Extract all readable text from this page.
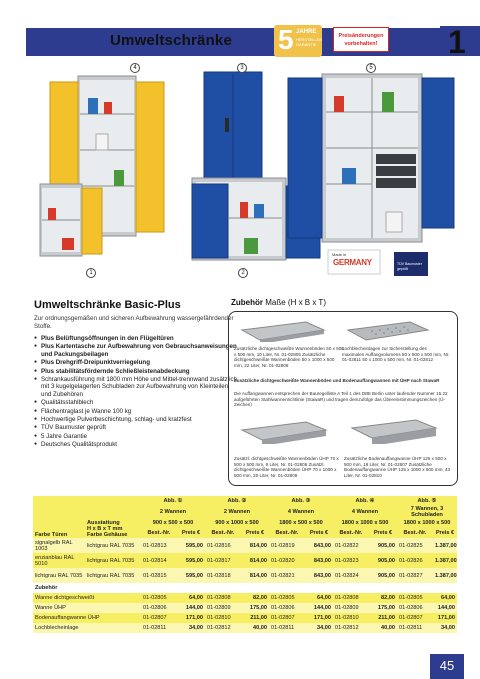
Umweltschränke 5 JAHRE
HERSTELLER GARANTIE
Preisänderungen vorbehalten!	1
Made in
GERMANY	TÜV Baumuster
geprüft
4	3	5
1	2
Umweltschränke Basic-Plus
Zur ordnungsgemäßen und sicheren Aufbewahrung wassergefährdender Stoffe.
● Plus Belüftungsöffnungen in den Flügeltüren
● Plus Kartentasche zur Aufbewahrung von Gebrauchsanweisungen und Packungsbeilagen
● Plus Drehgriff-Dreipunktverriegelung
● Plus stabilitätsfördernde Schließleistenabdeckung
● Schrankausführung mit 1800 mm Höhe und Mittel-trennwand zusätzlich mit 3 kugelgelagerten Schubladen zur Aufbewahrung von Kleinteilen und Zubehören
● Qualitätsstahlblech
● Flächentraglast je Wanne 100 kg
● Hochwertige Pulverbeschichtung, schlag- und kratzfest
● TÜV Baumuster geprüft
● 5 Jahre Garantie
● Deutsches Qualitätsprodukt
Zubehör Maße (H x B x T)
Zusätzliche dichtgeschweißte Wannenböden 50 x 500 x 500 mm, 10 Liter, Nr. 01-02805 Zusätzliche dichtgeschweißte Wannenböden 50 x 1000 x 500 mm, 22 Liter, Nr. 01-02808
Lochblecheinlagen zur Sicherstellung des maximalen Auffangvolumens 50 x 500 x 500 mm, Nr. 01-02811 50 x 1000 x 500 mm, Nr. 01-02812
Zusätzliche dichtgeschweißte Wannenböden und Bodenauffangwannen mit ÜHP nach StawaR
Die Auffangwannen entsprechen der Bauregelliste A Teil 1 des DIBt Berlin unter laufender Nummer 15.22 aufgeführten Stahlwannenrichtlinie (StawaR) und tragen demzufolge das Übereinstimmungszeichen (Ü-Zeichen)
Zusätzl. dichtgeschweißte Wannenböden ÜHP 70 x 500 x 500 mm, 9 Liter, Nr. 01-02806 Zusätzl. dichtgeschweißte Wannenböden ÜHP 70 x 1000 x 500 mm, 20 Liter, Nr. 01-02809
Zusätzliche Bodenauffangwanne ÜHP 125 x 500 x 500 mm, 19 Liter, Nr. 01-02807 Zusätzliche Bodenauffangwanne ÜHP 125 x 1000 x 500 mm, 43 Liter, Nr. 01-02810
Farbe Türen	Ausstattung
H x B x T mm
Farbe Gehäuse	Abb. ①		Abb. ②		Abb. ③		Abb. ④		Abb. ⑤	
		2 Wannen		2 Wannen		4 Wannen		4 Wannen		7 Wannen, 3 Schubladen	
		900 x 500 x 500		900 x 1000 x 500		1800 x 500 x 500		1800 x 1000 x 500		1800 x 1000 x 500	
		Best.-Nr.	Preis €	Best.-Nr.	Preis €	Best.-Nr.	Preis €	Best.-Nr.	Preis €	Best.-Nr.	Preis €
signalgelb RAL 1003	lichtgrau RAL 7035	01-02813	595,00	01-02816	814,00	01-02819	843,00	01-02822	905,00	01-02825	1.387,00
enzianblau RAL 5010	lichtgrau RAL 7035	01-02814	595,00	01-02817	814,00	01-02820	843,00	01-02823	905,00	01-02826	1.387,00
lichtgrau RAL 7035	lichtgrau RAL 7035	01-02815	595,00	01-02818	814,00	01-02821	843,00	01-02824	905,00	01-02827	1.387,00
Zubehör											
Wanne dichtgeschweißt		01-02805	64,00	01-02808	82,00	01-02805	64,00	01-02808	82,00	01-02805	64,00
Wanne ÜHP		01-02806	144,00	01-02809	175,00	01-02806	144,00	01-02809	175,00	01-02806	144,00
Bodenauffangwanne ÜHP		01-02807	171,00	01-02810	211,00	01-02807	171,00	01-02810	211,00	01-02807	171,00
Lochblecheinlage		01-02811	34,00	01-02812	40,00	01-02811	34,00	01-02812	40,00	01-02811	34,00
45
